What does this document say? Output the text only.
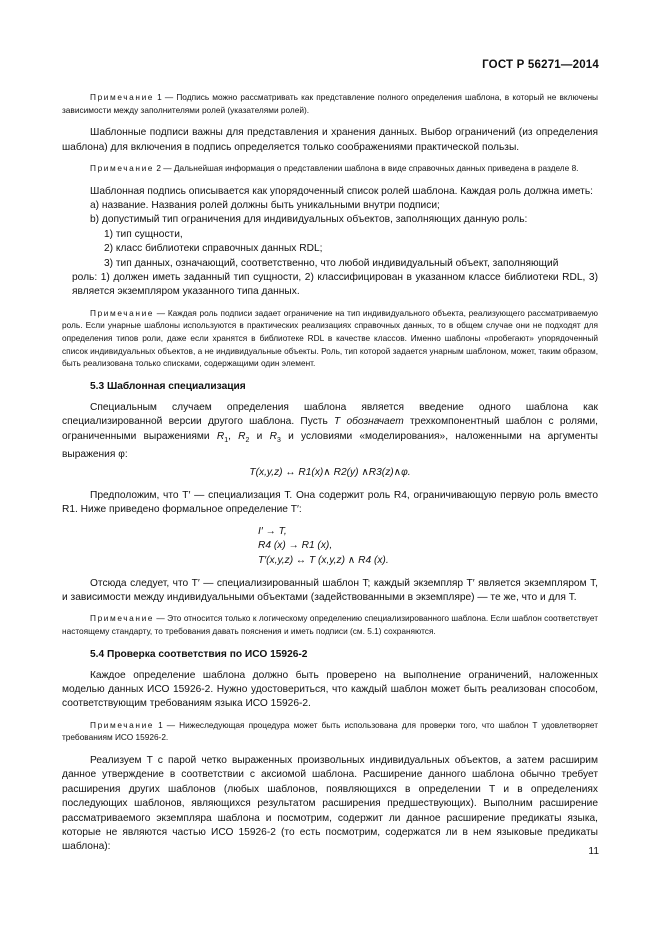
ГОСТ Р 56271—2014

Примечание 1 — Подпись можно рассматривать как представление полного определения шаблона, в который не включены зависимости между заполнителями ролей (указателями ролей).

Шаблонные подписи важны для представления и хранения данных. Выбор ограничений (из определения шаблона) для включения в подпись определяется только соображениями практической пользы.

Примечание 2 — Дальнейшая информация о представлении шаблона в виде справочных данных приведена в разделе 8.

Шаблонная подпись описывается как упорядоченный список ролей шаблона. Каждая роль должна иметь:

a) название. Названия ролей должны быть уникальными внутри подписи;

b) допустимый тип ограничения для индивидуальных объектов, заполняющих данную роль:

1) тип сущности,

2) класс библиотеки справочных данных RDL;

3) тип данных, означающий, соответственно, что любой индивидуальный объект, заполняющий

роль: 1) должен иметь заданный тип сущности, 2) классифицирован в указанном классе библиотеки RDL, 3) является экземпляром указанного типа данных.

Примечание — Каждая роль подписи задает ограничение на тип индивидуального объекта, реализующего рассматриваемую роль. Если унарные шаблоны используются в практических реализациях справочных данных, то в общем случае они не подходят для определения типов роли, даже если хранятся в библиотеке RDL в качестве классов. Именно шаблоны «пробегают» упорядоченный список индивидуальных объектов, а не индивидуальные объекты. Роль, тип которой задается унарным шаблоном, может, таким образом, быть реализована только списками, содержащими один элемент.

5.3 Шаблонная специализация

Специальным случаем определения шаблона является введение одного шаблона как специализированной версии другого шаблона. Пусть T обозначает трехкомпонентный шаблон с ролями, ограниченными выражениями $R_1$, $R_2$ и $R_3$ и условиями «моделирования», наложенными на аргументы выражения φ:

T(x,y,z) ↔ R1(x)∧ R2(y) ∧R3(z)∧φ.

Предположим, что T′ — специализация T. Она содержит роль R4, ограничивающую первую роль вместо R1. Ниже приведено формальное определение T′:

I′ → T,

R4 (x) → R1 (x),

T′(x,y,z) ↔ T (x,y,z) ∧ R4 (x).

Отсюда следует, что T′ — специализированный шаблон T; каждый экземпляр T′ является экземпляром T, и зависимости между индивидуальными объектами (задействованными в экземпляре) — те же, что и для T.

Примечание — Это относится только к логическому определению специализированного шаблона. Если шаблон соответствует настоящему стандарту, то требования давать пояснения и иметь подписи (см. 5.1) сохраняются.

5.4 Проверка соответствия по ИСО 15926-2

Каждое определение шаблона должно быть проверено на выполнение ограничений, наложенных моделью данных ИСО 15926-2. Нужно удостовериться, что каждый шаблон может быть реализован способом, соответствующим требованиям языка ИСО 15926-2.

Примечание 1 — Нижеследующая процедура может быть использована для проверки того, что шаблон T удовлетворяет требованиям ИСО 15926-2.

Реализуем T с парой четко выраженных произвольных индивидуальных объектов, а затем расширим данное утверждение в соответствии с аксиомой шаблона. Расширение данного шаблона обычно требует расширения других шаблонов (любых шаблонов, появляющихся в определении T и в определениях последующих шаблонов, являющихся результатом расширения предшествующих). Выполним расширение рассматриваемого экземпляра шаблона и посмотрим, содержит ли данное расширение предикаты языка, которые не являются частью ИСО 15926-2 (то есть посмотрим, содержатся ли в нем языковые предикаты шаблона):	11
